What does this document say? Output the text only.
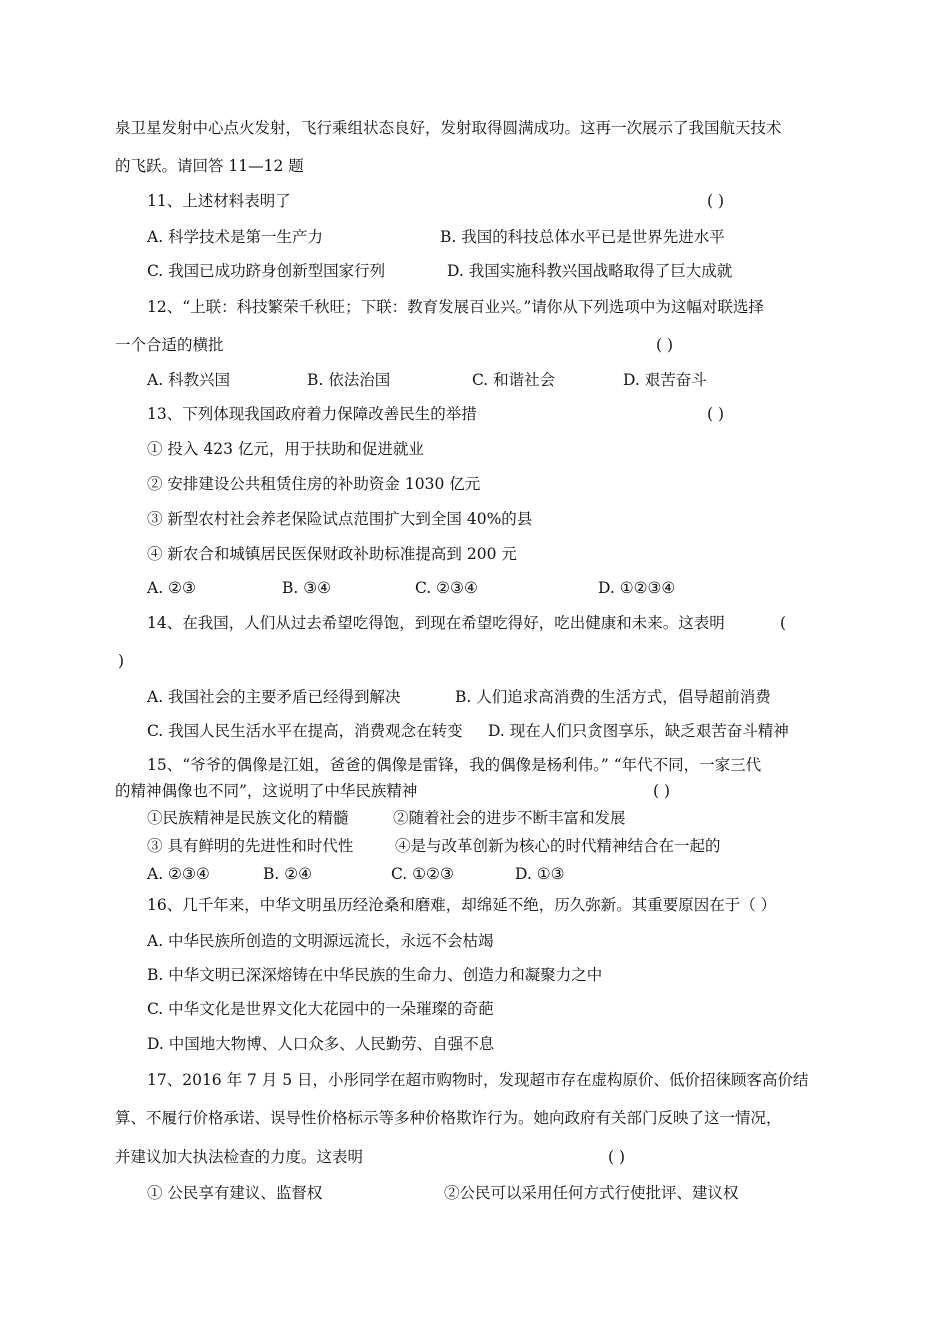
泉卫星发射中心点火发射，飞行乘组状态良好，发射取得圆满成功。这再一次展示了我国航天技术
的飞跃。请回答 11—12 题
11、上述材料表明了	( )
A. 科学技术是第一生产力	B. 我国的科技总体水平已是世界先进水平
C. 我国已成功跻身创新型国家行列	D. 我国实施科教兴国战略取得了巨大成就
12、“上联：科技繁荣千秋旺；下联：教育发展百业兴。”请你从下列选项中为这幅对联选择
一个合适的横批	( )
A. 科教兴国	B. 依法治国	C. 和谐社会	D. 艰苦奋斗
13、下列体现我国政府着力保障改善民生的举措	( )
① 投入 423 亿元，用于扶助和促进就业
② 安排建设公共租赁住房的补助资金 1030 亿元
③ 新型农村社会养老保险试点范围扩大到全国 40%的县
④ 新农合和城镇居民医保财政补助标准提高到 200 元
A. ②③	B. ③④	C. ②③④	D. ①②③④
14、在我国，人们从过去希望吃得饱，到现在希望吃得好，吃出健康和未来。这表明	(
)
A. 我国社会的主要矛盾已经得到解决	B. 人们追求高消费的生活方式，倡导超前消费
C. 我国人民生活水平在提高，消费观念在转变 D. 现在人们只贪图享乐，缺乏艰苦奋斗精神
15、“爷爷的偶像是江姐，爸爸的偶像是雷锋，我的偶像是杨利伟。” “年代不同，一家三代
的精神偶像也不同”，这说明了中华民族精神	( )
①民族精神是民族文化的精髓	②随着社会的进步不断丰富和发展
③ 具有鲜明的先进性和时代性	④是与改革创新为核心的时代精神结合在一起的
A. ②③④	B. ②④	C. ①②③	D. ①③
16、几千年来，中华文明虽历经沧桑和磨难，却绵延不绝，历久弥新。其重要原因在于（ ）
A. 中华民族所创造的文明源远流长，永远不会枯竭
B. 中华文明已深深熔铸在中华民族的生命力、创造力和凝聚力之中
C. 中华文化是世界文化大花园中的一朵璀璨的奇葩
D. 中国地大物博、人口众多、人民勤劳、自强不息
17、2016 年 7 月 5 日，小彤同学在超市购物时，发现超市存在虚构原价、低价招徕顾客高价结
算、不履行价格承诺、误导性价格标示等多种价格欺诈行为。她向政府有关部门反映了这一情况，
并建议加大执法检查的力度。这表明	( )
① 公民享有建议、监督权	②公民可以采用任何方式行使批评、建议权
